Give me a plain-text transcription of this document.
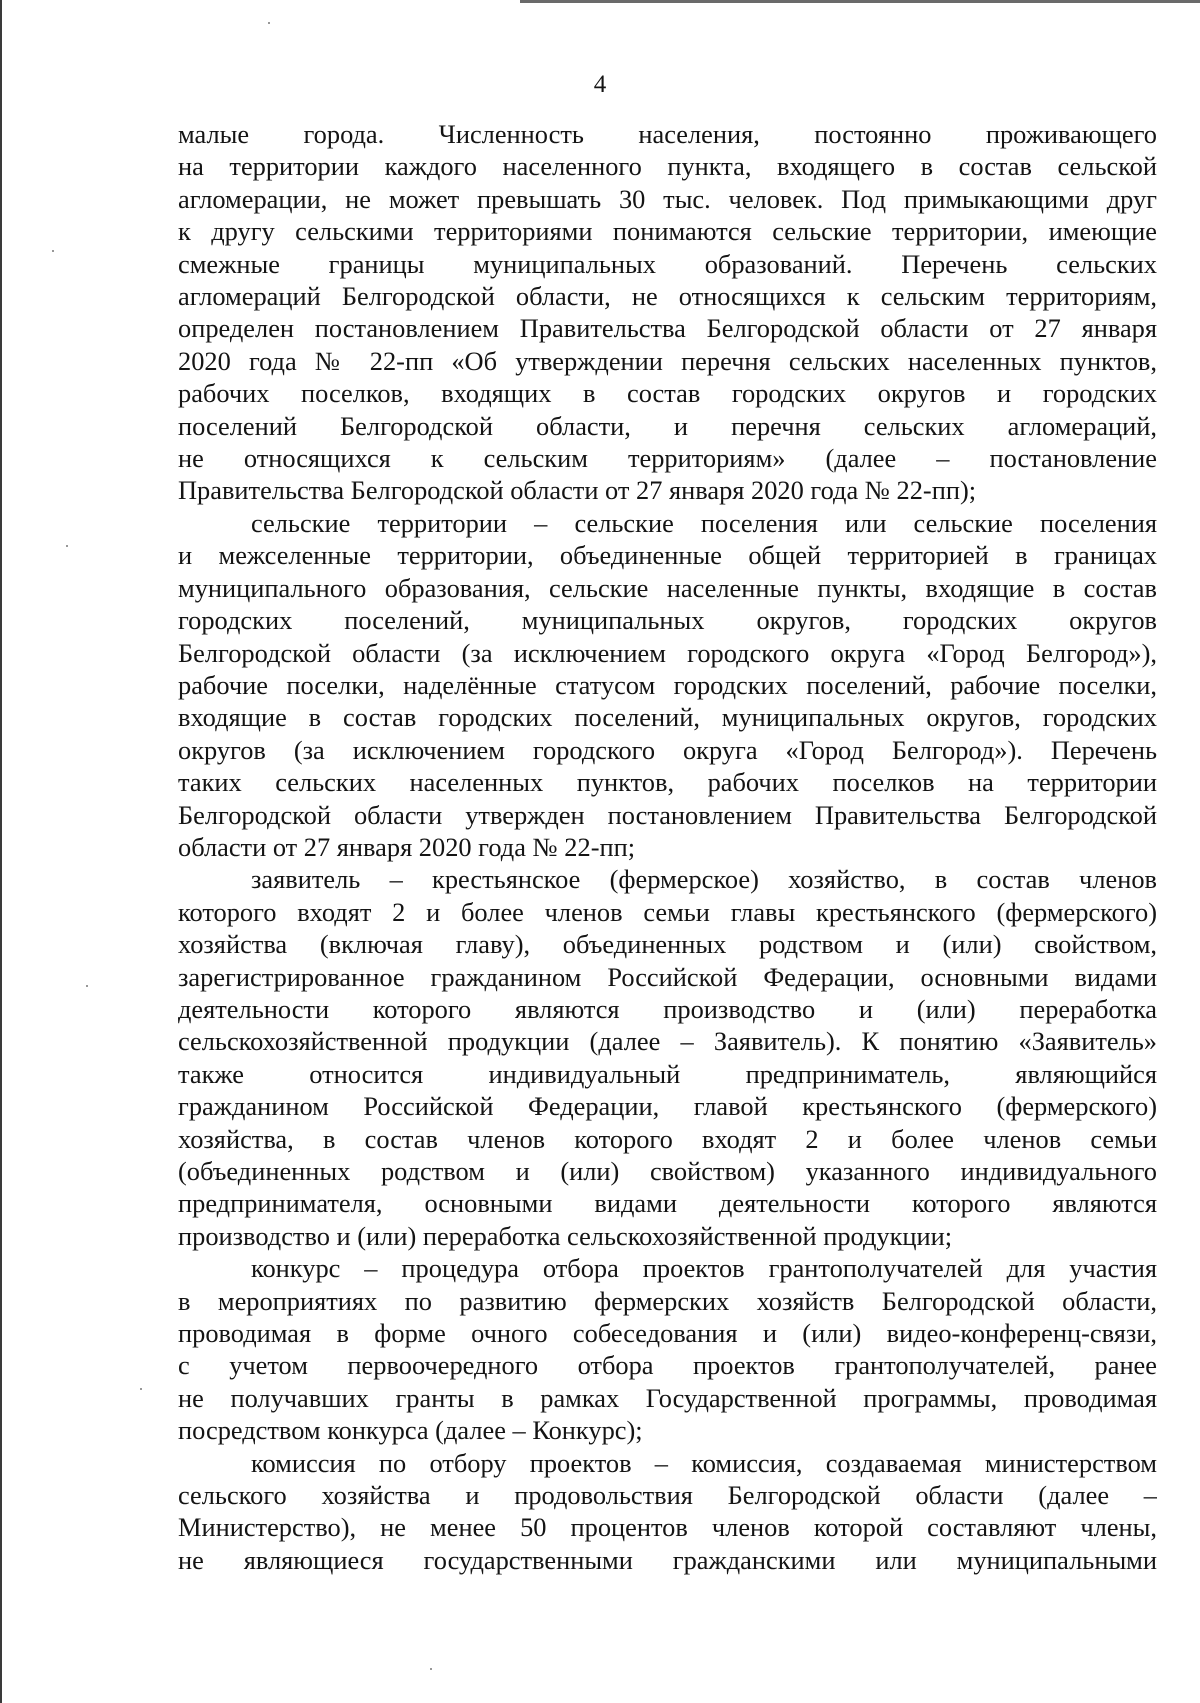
4
малые города. Численность населения, постоянно проживающего
на территории каждого населенного пункта, входящего в состав сельской
агломерации, не может превышать 30 тыс. человек. Под примыкающими друг
к другу сельскими территориями понимаются сельские территории, имеющие
смежные границы муниципальных образований. Перечень сельских
агломераций Белгородской области, не относящихся к сельским территориям,
определен постановлением Правительства Белгородской области от 27 января
2020 года № 22-пп «Об утверждении перечня сельских населенных пунктов,
рабочих поселков, входящих в состав городских округов и городских
поселений Белгородской области, и перечня сельских агломераций,
не относящихся к сельским территориям» (далее – постановление
Правительства Белгородской области от 27 января 2020 года № 22-пп);
сельские территории – сельские поселения или сельские поселения
и межселенные территории, объединенные общей территорией в границах
муниципального образования, сельские населенные пункты, входящие в состав
городских поселений, муниципальных округов, городских округов
Белгородской области (за исключением городского округа «Город Белгород»),
рабочие поселки, наделённые статусом городских поселений, рабочие поселки,
входящие в состав городских поселений, муниципальных округов, городских
округов (за исключением городского округа «Город Белгород»). Перечень
таких сельских населенных пунктов, рабочих поселков на территории
Белгородской области утвержден постановлением Правительства Белгородской
области от 27 января 2020 года № 22-пп;
заявитель – крестьянское (фермерское) хозяйство, в состав членов
которого входят 2 и более членов семьи главы крестьянского (фермерского)
хозяйства (включая главу), объединенных родством и (или) свойством,
зарегистрированное гражданином Российской Федерации, основными видами
деятельности которого являются производство и (или) переработка
сельскохозяйственной продукции (далее – Заявитель). К понятию «Заявитель»
также относится индивидуальный предприниматель, являющийся
гражданином Российской Федерации, главой крестьянского (фермерского)
хозяйства, в состав членов которого входят 2 и более членов семьи
(объединенных родством и (или) свойством) указанного индивидуального
предпринимателя, основными видами деятельности которого являются
производство и (или) переработка сельскохозяйственной продукции;
конкурс – процедура отбора проектов грантополучателей для участия
в мероприятиях по развитию фермерских хозяйств Белгородской области,
проводимая в форме очного собеседования и (или) видео-конференц-связи,
с учетом первоочередного отбора проектов грантополучателей, ранее
не получавших гранты в рамках Государственной программы, проводимая
посредством конкурса (далее – Конкурс);
комиссия по отбору проектов – комиссия, создаваемая министерством
сельского хозяйства и продовольствия Белгородской области (далее –
Министерство), не менее 50 процентов членов которой составляют члены,
не являющиеся государственными гражданскими или муниципальными
